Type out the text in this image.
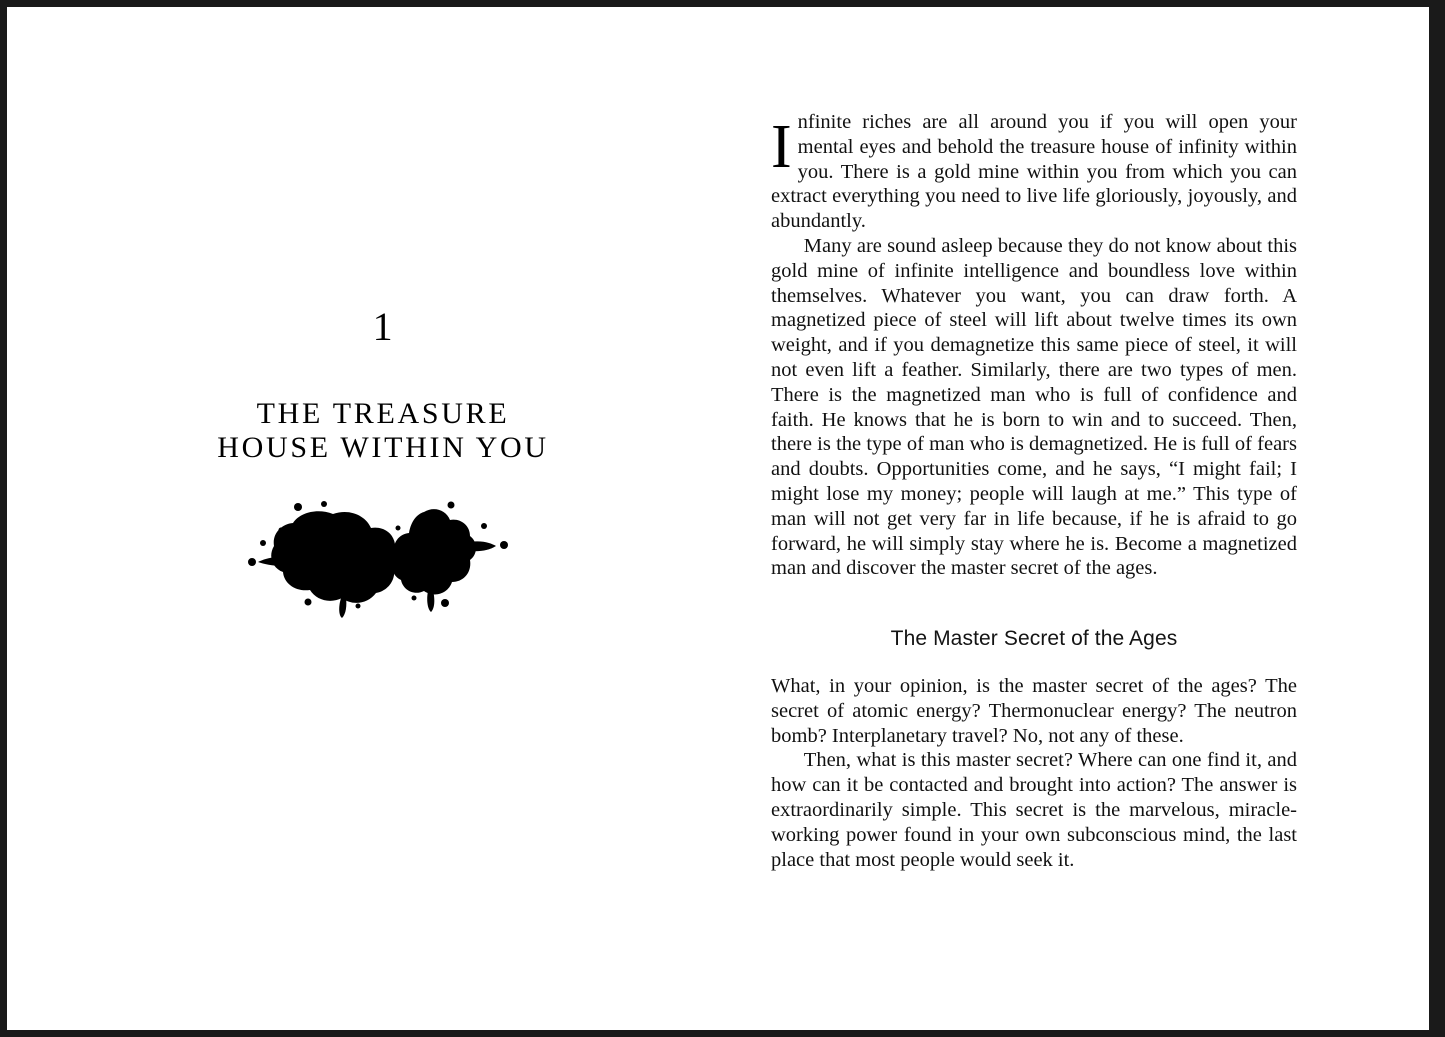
1
THE TREASURE
HOUSE WITHIN YOU

Infinite riches are all around you if you will open your mental eyes and behold the treasure house of infinity within you. There is a gold mine within you from which you can extract everything you need to live life gloriously, joyously, and abundantly.

Many are sound asleep because they do not know about this gold mine of infinite intelligence and boundless love within themselves. Whatever you want, you can draw forth. A magnetized piece of steel will lift about twelve times its own weight, and if you demagnetize this same piece of steel, it will not even lift a feather. Similarly, there are two types of men. There is the magnetized man who is full of confidence and faith. He knows that he is born to win and to succeed. Then, there is the type of man who is demagnetized. He is full of fears and doubts. Opportunities come, and he says, “I might fail; I might lose my money; people will laugh at me.” This type of man will not get very far in life because, if he is afraid to go forward, he will simply stay where he is. Become a magnetized man and discover the master secret of the ages.

The Master Secret of the Ages

What, in your opinion, is the master secret of the ages? The secret of atomic energy? Thermonuclear energy? The neutron bomb? Interplanetary travel? No, not any of these.

Then, what is this master secret? Where can one find it, and how can it be contacted and brought into action? The answer is extraordinarily simple. This secret is the marvelous, miracle-working power found in your own subconscious mind, the last place that most people would seek it.
